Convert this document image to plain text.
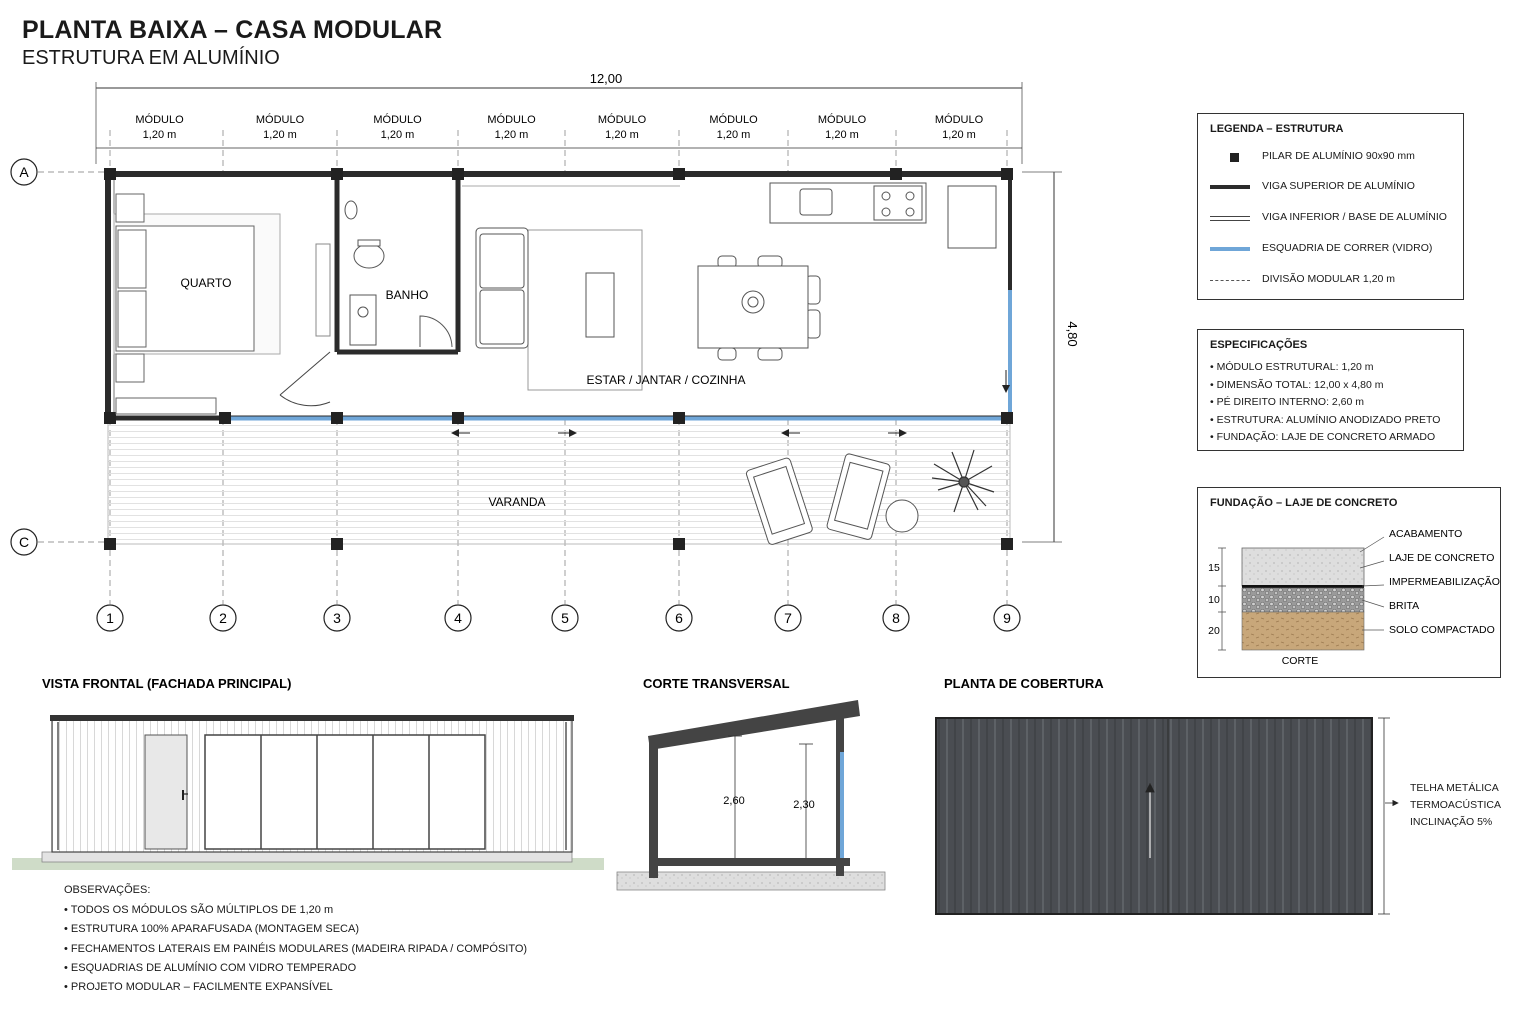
PLANTA BAIXA – CASA MODULAR
ESTRUTURA EM ALUMÍNIO
12,00
MÓDULO
1,20 m
MÓDULO
1,20 m
MÓDULO
1,20 m
MÓDULO
1,20 m
MÓDULO
1,20 m
MÓDULO
1,20 m
MÓDULO
1,20 m
MÓDULO
1,20 m
QUARTO
BANHO
ESTAR / JANTAR / COZINHA
VARANDA
A
C
4,80
1	2	3	4	5	6	7	8	9
VISTA FRONTAL (FACHADA PRINCIPAL)	CORTE TRANSVERSAL
2,60	2,30
PLANTA DE COBERTURA
ACABAMENTO
LAJE DE CONCRETO
IMPERMEABILIZAÇÃO
BRITA
SOLO COMPACTADO
15
10
20
CORTE
LEGENDA – ESTRUTURA
PILAR DE ALUMÍNIO 90x90 mm
VIGA SUPERIOR DE ALUMÍNIO
VIGA INFERIOR / BASE DE ALUMÍNIO
ESQUADRIA DE CORRER (VIDRO)
DIVISÃO MODULAR 1,20 m
ESPECIFICAÇÕES
• MÓDULO ESTRUTURAL: 1,20 m
• DIMENSÃO TOTAL: 12,00 x 4,80 m
• PÉ DIREITO INTERNO: 2,60 m
• ESTRUTURA: ALUMÍNIO ANODIZADO PRETO
• FUNDAÇÃO: LAJE DE CONCRETO ARMADO
FUNDAÇÃO – LAJE DE CONCRETO
TELHA METÁLICA
TERMOACÚSTICA
INCLINAÇÃO 5%
OBSERVAÇÕES:
• TODOS OS MÓDULOS SÃO MÚLTIPLOS DE 1,20 m
• ESTRUTURA 100% APARAFUSADA (MONTAGEM SECA)
• FECHAMENTOS LATERAIS EM PAINÉIS MODULARES (MADEIRA RIPADA / COMPÓSITO)
• ESQUADRIAS DE ALUMÍNIO COM VIDRO TEMPERADO
• PROJETO MODULAR – FACILMENTE EXPANSÍVEL
